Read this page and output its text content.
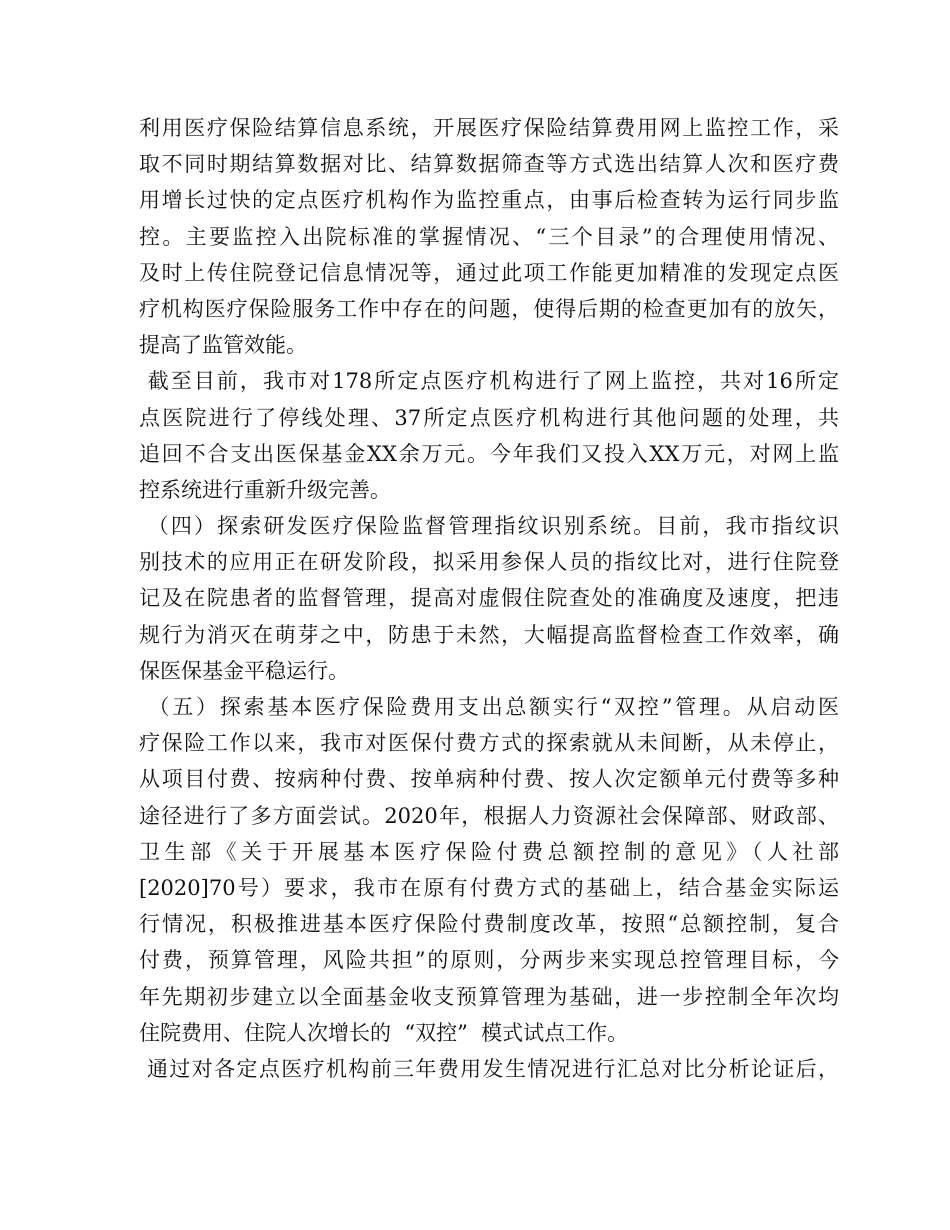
利用医疗保险结算信息系统，开展医疗保险结算费用网上监控工作，采
取不同时期结算数据对比、结算数据筛查等方式选出结算人次和医疗费
用增长过快的定点医疗机构作为监控重点，由事后检查转为运行同步监
控。主要监控入出院标准的掌握情况、“三个目录”的合理使用情况、
及时上传住院登记信息情况等，通过此项工作能更加精准的发现定点医
疗机构医疗保险服务工作中存在的问题，使得后期的检查更加有的放矢，
提高了监管效能。
截至目前，我市对178所定点医疗机构进行了网上监控，共对16所定
点医院进行了停线处理、37所定点医疗机构进行其他问题的处理，共
追回不合支出医保基金XX余万元。今年我们又投入XX万元，对网上监
控系统进行重新升级完善。
（四）探索研发医疗保险监督管理指纹识别系统。目前，我市指纹识
别技术的应用正在研发阶段，拟采用参保人员的指纹比对，进行住院登
记及在院患者的监督管理，提高对虚假住院查处的准确度及速度，把违
规行为消灭在萌芽之中，防患于未然，大幅提高监督检查工作效率，确
保医保基金平稳运行。
（五）探索基本医疗保险费用支出总额实行“双控”管理。从启动医
疗保险工作以来，我市对医保付费方式的探索就从未间断，从未停止，
从项目付费、按病种付费、按单病种付费、按人次定额单元付费等多种
途径进行了多方面尝试。2020年，根据人力资源社会保障部、财政部、
卫生部《关于开展基本医疗保险付费总额控制的意见》（人社部
[2020]70号）要求，我市在原有付费方式的基础上，结合基金实际运
行情况，积极推进基本医疗保险付费制度改革，按照“总额控制，复合
付费，预算管理，风险共担”的原则，分两步来实现总控管理目标，今
年先期初步建立以全面基金收支预算管理为基础，进一步控制全年次均
住院费用、住院人次增长的  “双控”  模式试点工作。
通过对各定点医疗机构前三年费用发生情况进行汇总对比分析论证后，
